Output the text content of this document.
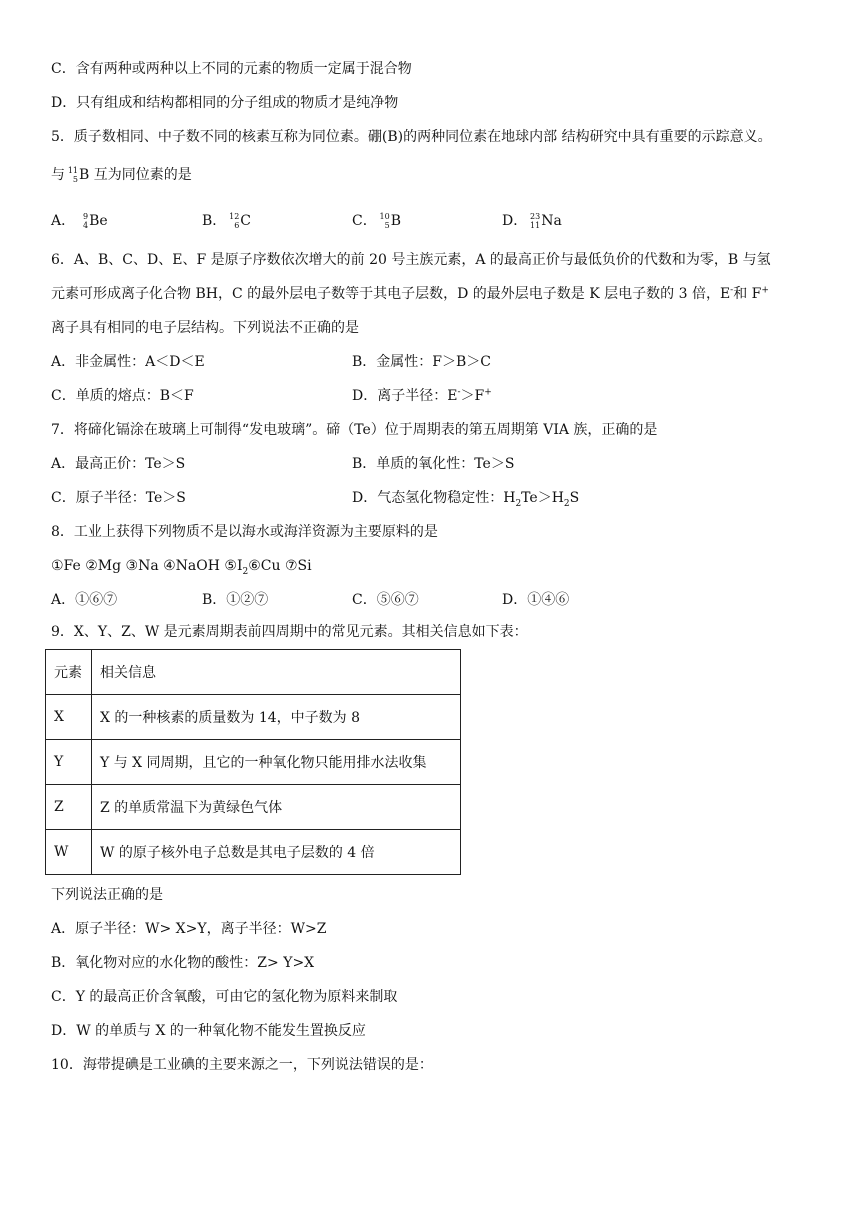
C．含有两种或两种以上不同的元素的物质一定属于混合物
D．只有组成和结构都相同的分子组成的物质才是纯净物
5．质子数相同、中子数不同的核素互称为同位素。硼(B)的两种同位素在地球内部 结构研究中具有重要的示踪意义。
与 11
5 B 互为同位素的是
A． 9
4 Be	B． 12
6 C	C． 10
5 B	D． 23
11 Na
6．A、B、C、D、E、F 是原子序数依次增大的前 20 号主族元素，A 的最高正价与最低负价的代数和为零，B 与氢
元素可形成离子化合物 BH，C 的最外层电子数等于其电子层数，D 的最外层电子数是 K 层电子数的 3 倍，E-和 F+
离子具有相同的电子层结构。下列说法不正确的是
A．非金属性：A＜D＜E	B．金属性：F＞B＞C
C．单质的熔点：B＜F	D．离子半径：E-＞F+
7．将碲化镉涂在玻璃上可制得“发电玻璃”。碲（Te）位于周期表的第五周期第 VIA 族，正确的是
A．最高正价：Te＞S	B．单质的氧化性：Te＞S
C．原子半径：Te＞S	D．气态氢化物稳定性：$H_2Te>H_2S$
8．工业上获得下列物质不是以海水或海洋资源为主要原料的是
①Fe ②Mg ③Na ④NaOH $⑤I_2⑥Cu$ ⑦Si
A．①⑥⑦	B．①②⑦	C．⑤⑥⑦	D．①④⑥
9．X、Y、Z、W 是元素周期表前四周期中的常见元素。其相关信息如下表：
元素	相关信息
X	X 的一种核素的质量数为 14，中子数为 8
Y	Y 与 X 同周期，且它的一种氧化物只能用排水法收集
Z	Z 的单质常温下为黄绿色气体
W	W 的原子核外电子总数是其电子层数的 4 倍
下列说法正确的是
A．原子半径：W> X>Y，离子半径：W>Z
B．氧化物对应的水化物的酸性：Z> Y>X
C．Y 的最高正价含氧酸，可由它的氢化物为原料来制取
D．W 的单质与 X 的一种氧化物不能发生置换反应
10．海带提碘是工业碘的主要来源之一，下列说法错误的是：
